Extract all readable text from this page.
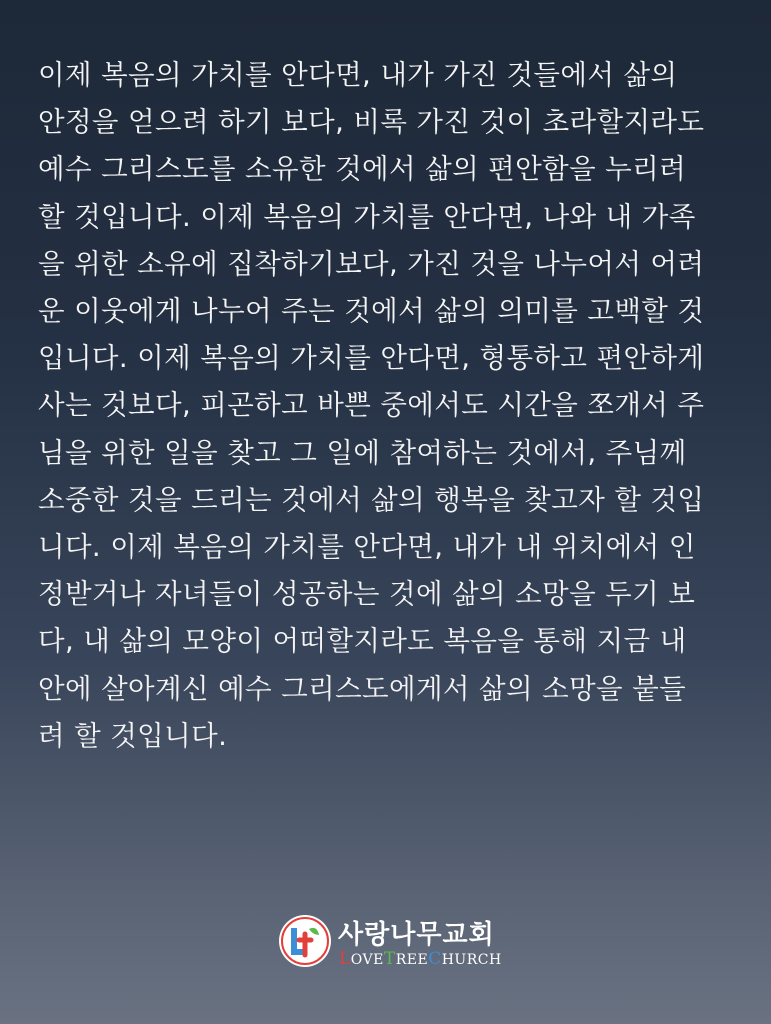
이제 복음의 가치를 안다면, 내가 가진 것들에서 삶의
안정을 얻으려 하기 보다, 비록 가진 것이 초라할지라도
예수 그리스도를 소유한 것에서 삶의 편안함을 누리려
할 것입니다. 이제 복음의 가치를 안다면, 나와 내 가족
을 위한 소유에 집착하기보다, 가진 것을 나누어서 어려
운 이웃에게 나누어 주는 것에서 삶의 의미를 고백할 것
입니다. 이제 복음의 가치를 안다면, 형통하고 편안하게
사는 것보다, 피곤하고 바쁜 중에서도 시간을 쪼개서 주
님을 위한 일을 찾고 그 일에 참여하는 것에서, 주님께
소중한 것을 드리는 것에서 삶의 행복을 찾고자 할 것입
니다. 이제 복음의 가치를 안다면, 내가 내 위치에서 인
정받거나 자녀들이 성공하는 것에 삶의 소망을 두기 보
다, 내 삶의 모양이 어떠할지라도 복음을 통해 지금 내
안에 살아계신 예수 그리스도에게서 삶의 소망을 붙들
려 할 것입니다.
사랑나무교회
LOVETREECHURCH
